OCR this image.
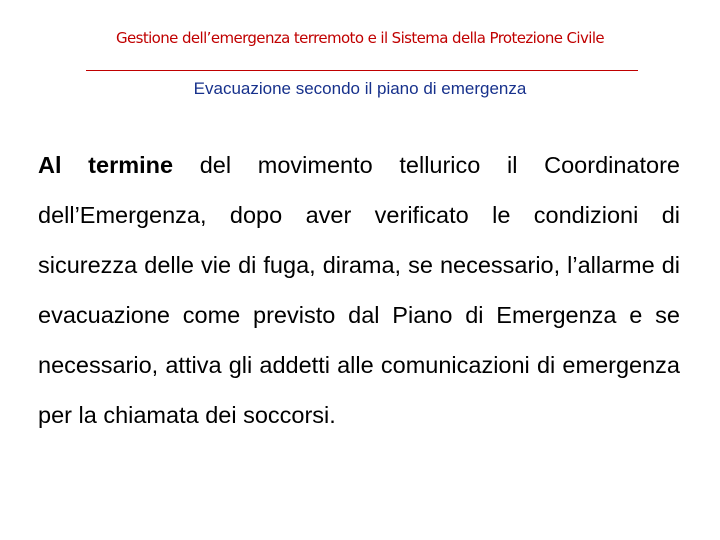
Gestione dell’emergenza terremoto e il Sistema della Protezione Civile
Evacuazione secondo il piano di emergenza

Al termine del movimento tellurico il Coordinatore dell’Emergenza, dopo aver verificato le condizioni di sicurezza delle vie di fuga, dirama, se necessario, l’allarme di evacuazione come previsto dal Piano di Emergenza e se necessario, attiva gli addetti alle comunicazioni di emergenza per la chiamata dei soccorsi.
